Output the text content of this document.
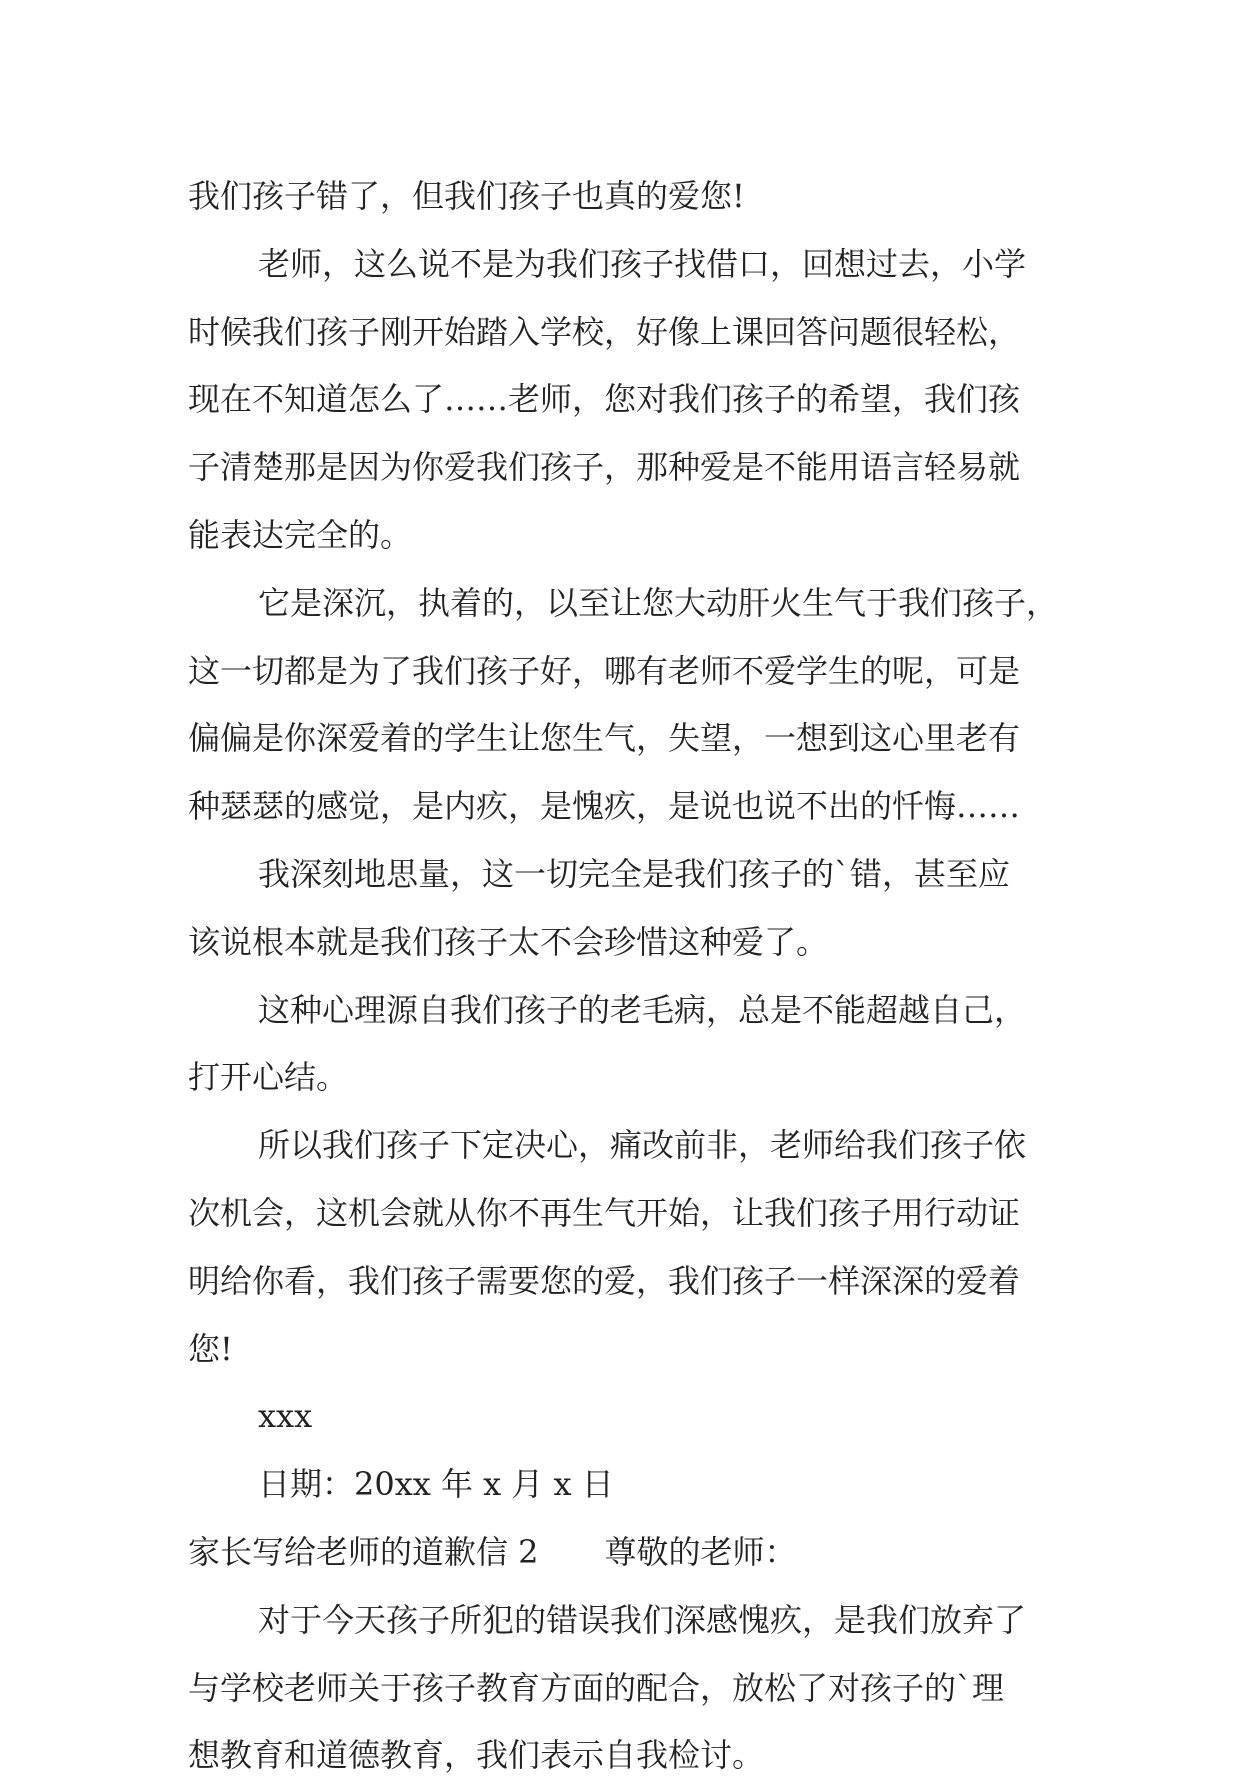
我们孩子错了，但我们孩子也真的爱您!
老师，这么说不是为我们孩子找借口，回想过去，小学
时候我们孩子刚开始踏入学校，好像上课回答问题很轻松，
现在不知道怎么了……老师，您对我们孩子的希望，我们孩
子清楚那是因为你爱我们孩子，那种爱是不能用语言轻易就
能表达完全的。
它是深沉，执着的，以至让您大动肝火生气于我们孩子，
这一切都是为了我们孩子好，哪有老师不爱学生的呢，可是
偏偏是你深爱着的学生让您生气，失望，一想到这心里老有
种瑟瑟的感觉，是内疚，是愧疚，是说也说不出的忏悔……
我深刻地思量，这一切完全是我们孩子的`错，甚至应
该说根本就是我们孩子太不会珍惜这种爱了。
这种心理源自我们孩子的老毛病，总是不能超越自己，
打开心结。
所以我们孩子下定决心，痛改前非，老师给我们孩子依
次机会，这机会就从你不再生气开始，让我们孩子用行动证
明给你看，我们孩子需要您的爱，我们孩子一样深深的爱着
您!
xxx
日期：20xx 年 x 月 x 日
家长写给老师的道歉信 2 尊敬的老师：
对于今天孩子所犯的错误我们深感愧疚，是我们放弃了
与学校老师关于孩子教育方面的配合，放松了对孩子的`理
想教育和道德教育，我们表示自我检讨。
